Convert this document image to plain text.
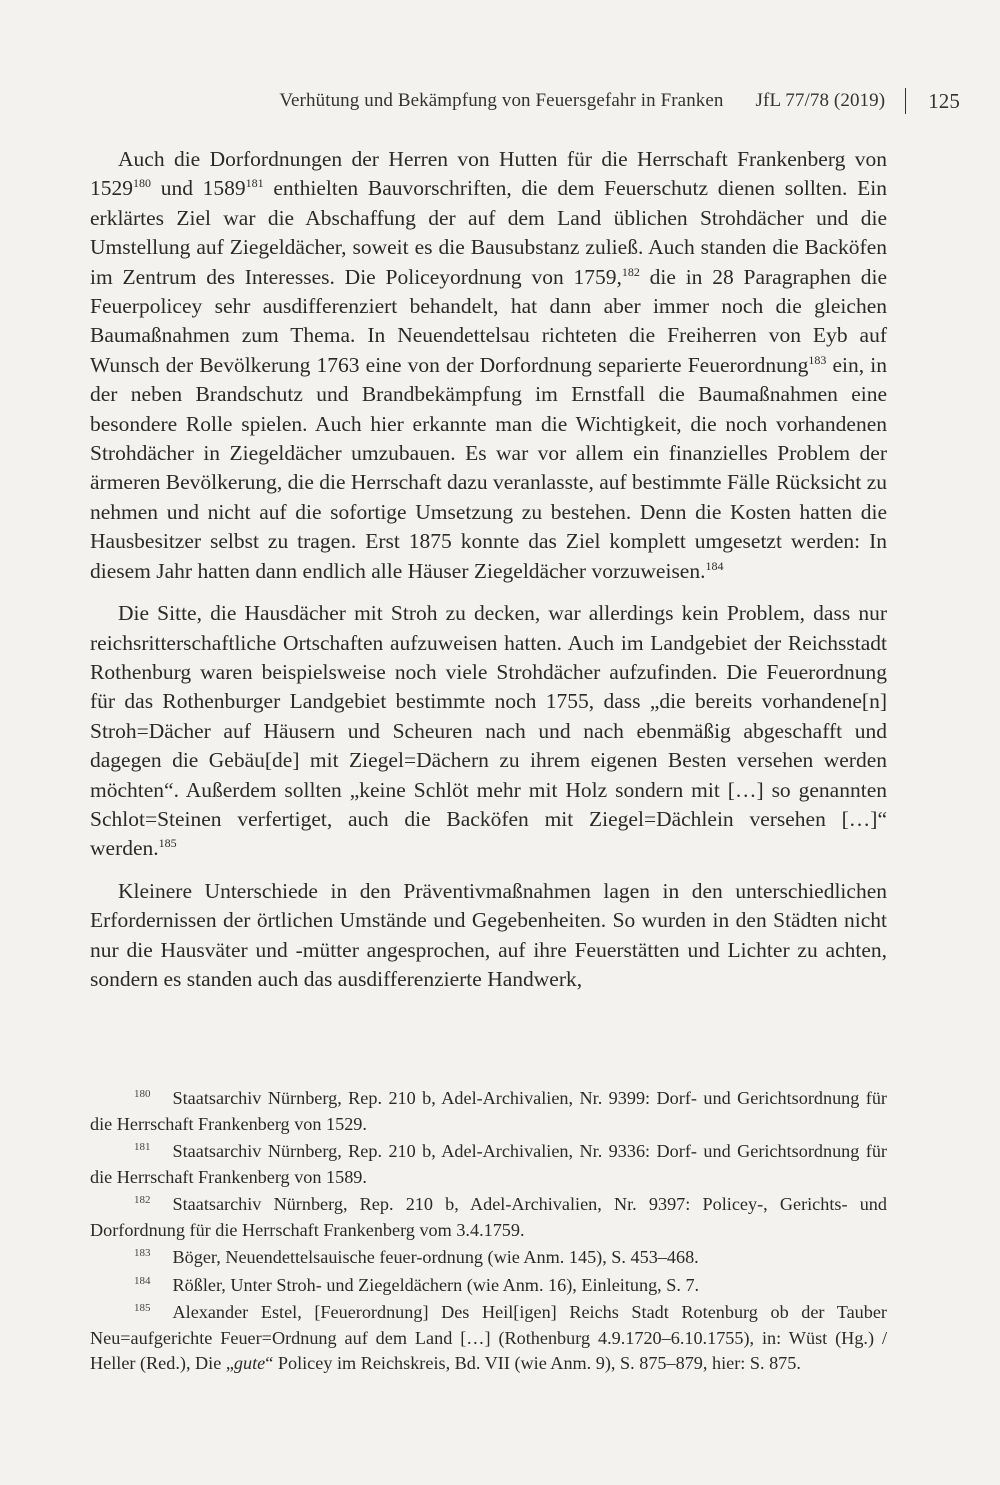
Verhütung und Bekämpfung von Feuersgefahr in Franken JfL 77/78 (2019) 125

Auch die Dorfordnungen der Herren von Hutten für die Herrschaft Frankenberg von 1529$^{180}$ und 1589$^{181}$ enthielten Bauvorschriften, die dem Feuerschutz dienen sollten. Ein erklärtes Ziel war die Abschaffung der auf dem Land üblichen Strohdächer und die Umstellung auf Ziegeldächer, soweit es die Bausubstanz zuließ. Auch standen die Backöfen im Zentrum des Interesses. Die Policeyordnung von 1759,$^{182}$ die in 28 Paragraphen die Feuerpolicey sehr ausdifferenziert behandelt, hat dann aber immer noch die gleichen Baumaßnahmen zum Thema. In Neuendettelsau richteten die Freiherren von Eyb auf Wunsch der Bevölkerung 1763 eine von der Dorfordnung separierte Feuerordnung$^{183}$ ein, in der neben Brandschutz und Brandbekämpfung im Ernstfall die Baumaßnahmen eine besondere Rolle spielen. Auch hier erkannte man die Wichtigkeit, die noch vorhandenen Strohdächer in Ziegeldächer umzubauen. Es war vor allem ein finanzielles Problem der ärmeren Bevölkerung, die die Herrschaft dazu veranlasste, auf bestimmte Fälle Rücksicht zu nehmen und nicht auf die sofortige Umsetzung zu bestehen. Denn die Kosten hatten die Hausbesitzer selbst zu tragen. Erst 1875 konnte das Ziel komplett umgesetzt werden: In diesem Jahr hatten dann endlich alle Häuser Ziegeldächer vorzuweisen.$^{184}$

Die Sitte, die Hausdächer mit Stroh zu decken, war allerdings kein Problem, dass nur reichsritterschaftliche Ortschaften aufzuweisen hatten. Auch im Landgebiet der Reichsstadt Rothenburg waren beispielsweise noch viele Strohdächer aufzufinden. Die Feuerordnung für das Rothenburger Landgebiet bestimmte noch 1755, dass „die bereits vorhandene[n] Stroh=Dächer auf Häusern und Scheuren nach und nach ebenmäßig abgeschafft und dagegen die Gebäu[de] mit Ziegel=Dächern zu ihrem eigenen Besten versehen werden möchten“. Außerdem sollten „keine Schlöt mehr mit Holz sondern mit […] so genannten Schlot=Steinen verfertiget, auch die Backöfen mit Ziegel=Dächlein versehen […]“ werden.$^{185}$

Kleinere Unterschiede in den Präventivmaßnahmen lagen in den unterschiedlichen Erfordernissen der örtlichen Umstände und Gegebenheiten. So wurden in den Städten nicht nur die Hausväter und -mütter angesprochen, auf ihre Feuerstätten und Lichter zu achten, sondern es standen auch das ausdifferenzierte Handwerk,

$^{180}$ Staatsarchiv Nürnberg, Rep. 210 b, Adel-Archivalien, Nr. 9399: Dorf- und Gerichtsordnung für die Herrschaft Frankenberg von 1529.
$^{181}$ Staatsarchiv Nürnberg, Rep. 210 b, Adel-Archivalien, Nr. 9336: Dorf- und Gerichtsordnung für die Herrschaft Frankenberg von 1589.
$^{182}$ Staatsarchiv Nürnberg, Rep. 210 b, Adel-Archivalien, Nr. 9397: Policey-, Gerichts- und Dorfordnung für die Herrschaft Frankenberg vom 3.4.1759.
$^{183}$ Böger, Neuendettelsauische feuer-ordnung (wie Anm. 145), S. 453–468.
$^{184}$ Rößler, Unter Stroh- und Ziegeldächern (wie Anm. 16), Einleitung, S. 7.
$^{185}$ Alexander Estel, [Feuerordnung] Des Heil[igen] Reichs Stadt Rotenburg ob der Tauber Neu=aufgerichte Feuer=Ordnung auf dem Land […] (Rothenburg 4.9.1720–6.10.1755), in: Wüst (Hg.) / Heller (Red.), Die „gute“ Policey im Reichskreis, Bd. VII (wie Anm. 9), S. 875–879, hier: S. 875.
